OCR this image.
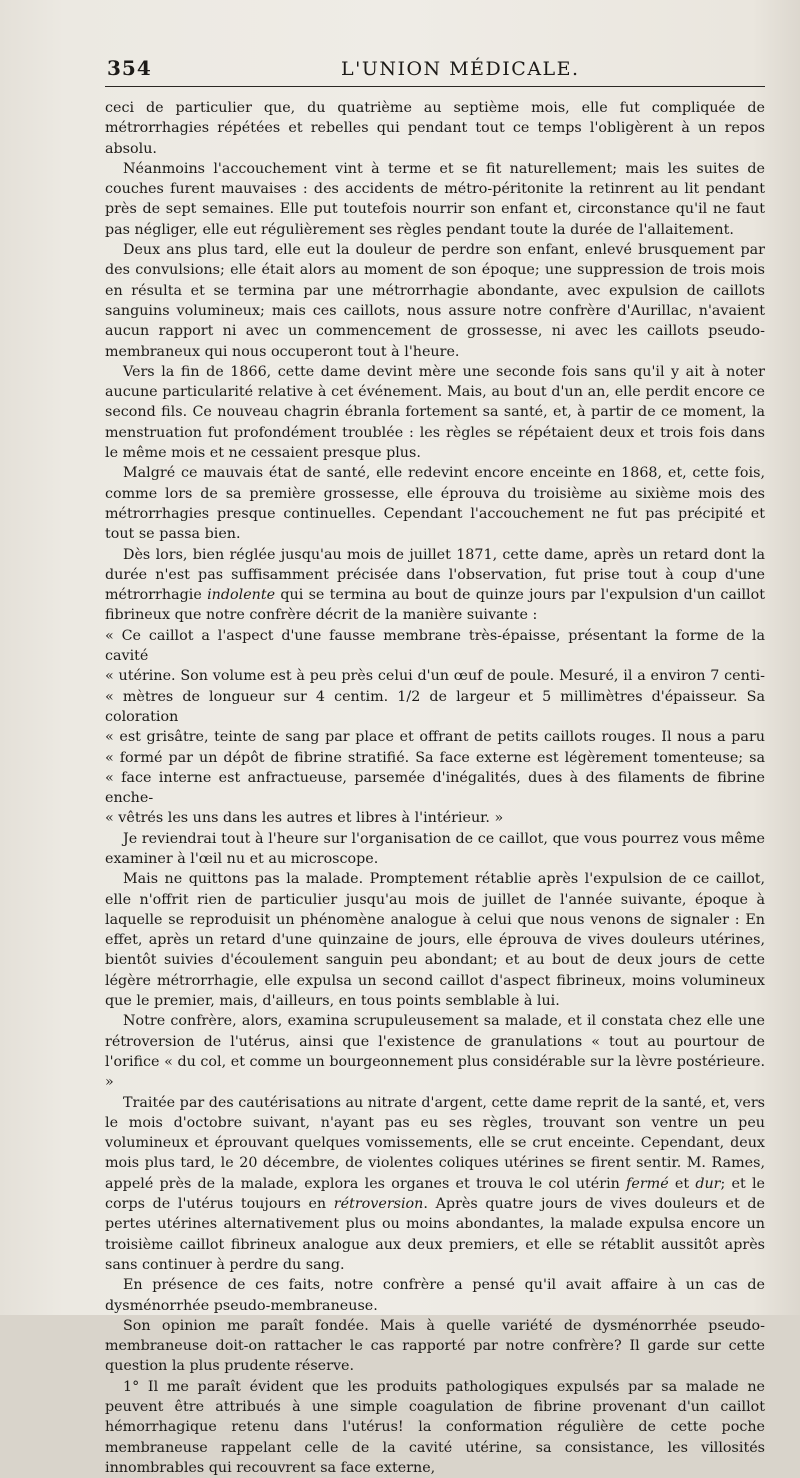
354	L'UNION MÉDICALE.

ceci de particulier que, du quatrième au septième mois, elle fut compliquée de métrorrhagies répétées et rebelles qui pendant tout ce temps l'obligèrent à un repos absolu.

Néanmoins l'accouchement vint à terme et se fit naturellement; mais les suites de couches furent mauvaises : des accidents de métro-péritonite la retinrent au lit pendant près de sept semaines. Elle put toutefois nourrir son enfant et, circonstance qu'il ne faut pas négliger, elle eut régulièrement ses règles pendant toute la durée de l'allaitement.

Deux ans plus tard, elle eut la douleur de perdre son enfant, enlevé brusquement par des convulsions; elle était alors au moment de son époque; une suppression de trois mois en résulta et se termina par une métrorrhagie abondante, avec expulsion de caillots sanguins volumineux; mais ces caillots, nous assure notre confrère d'Aurillac, n'avaient aucun rapport ni avec un commencement de grossesse, ni avec les caillots pseudo-membraneux qui nous occuperont tout à l'heure.

Vers la fin de 1866, cette dame devint mère une seconde fois sans qu'il y ait à noter aucune particularité relative à cet événement. Mais, au bout d'un an, elle perdit encore ce second fils. Ce nouveau chagrin ébranla fortement sa santé, et, à partir de ce moment, la menstruation fut profondément troublée : les règles se répétaient deux et trois fois dans le même mois et ne cessaient presque plus.

Malgré ce mauvais état de santé, elle redevint encore enceinte en 1868, et, cette fois, comme lors de sa première grossesse, elle éprouva du troisième au sixième mois des métrorrhagies presque continuelles. Cependant l'accouchement ne fut pas précipité et tout se passa bien.

Dès lors, bien réglée jusqu'au mois de juillet 1871, cette dame, après un retard dont la durée n'est pas suffisamment précisée dans l'observation, fut prise tout à coup d'une métrorrhagie indolente qui se termina au bout de quinze jours par l'expulsion d'un caillot fibrineux que notre confrère décrit de la manière suivante :

« Ce caillot a l'aspect d'une fausse membrane très-épaisse, présentant la forme de la cavité
« utérine. Son volume est à peu près celui d'un œuf de poule. Mesuré, il a environ 7 centi-
« mètres de longueur sur 4 centim. 1/2 de largeur et 5 millimètres d'épaisseur. Sa coloration
« est grisâtre, teinte de sang par place et offrant de petits caillots rouges. Il nous a paru
« formé par un dépôt de fibrine stratifié. Sa face externe est légèrement tomenteuse; sa
« face interne est anfractueuse, parsemée d'inégalités, dues à des filaments de fibrine enche-
« vêtrés les uns dans les autres et libres à l'intérieur. »

Je reviendrai tout à l'heure sur l'organisation de ce caillot, que vous pourrez vous même examiner à l'œil nu et au microscope.

Mais ne quittons pas la malade. Promptement rétablie après l'expulsion de ce caillot, elle n'offrit rien de particulier jusqu'au mois de juillet de l'année suivante, époque à laquelle se reproduisit un phénomène analogue à celui que nous venons de signaler : En effet, après un retard d'une quinzaine de jours, elle éprouva de vives douleurs utérines, bientôt suivies d'écoulement sanguin peu abondant; et au bout de deux jours de cette légère métrorrhagie, elle expulsa un second caillot d'aspect fibrineux, moins volumineux que le premier, mais, d'ailleurs, en tous points semblable à lui.

Notre confrère, alors, examina scrupuleusement sa malade, et il constata chez elle une rétroversion de l'utérus, ainsi que l'existence de granulations « tout au pourtour de l'orifice « du col, et comme un bourgeonnement plus considérable sur la lèvre postérieure. »

Traitée par des cautérisations au nitrate d'argent, cette dame reprit de la santé, et, vers le mois d'octobre suivant, n'ayant pas eu ses règles, trouvant son ventre un peu volumineux et éprouvant quelques vomissements, elle se crut enceinte. Cependant, deux mois plus tard, le 20 décembre, de violentes coliques utérines se firent sentir. M. Rames, appelé près de la malade, explora les organes et trouva le col utérin fermé et dur; et le corps de l'utérus toujours en rétroversion. Après quatre jours de vives douleurs et de pertes utérines alternativement plus ou moins abondantes, la malade expulsa encore un troisième caillot fibrineux analogue aux deux premiers, et elle se rétablit aussitôt après sans continuer à perdre du sang.

En présence de ces faits, notre confrère a pensé qu'il avait affaire à un cas de dysménorrhée pseudo-membraneuse.

Son opinion me paraît fondée. Mais à quelle variété de dysménorrhée pseudo-membraneuse doit-on rattacher le cas rapporté par notre confrère? Il garde sur cette question la plus prudente réserve.

1° Il me paraît évident que les produits pathologiques expulsés par sa malade ne peuvent être attribués à une simple coagulation de fibrine provenant d'un caillot hémorrhagique retenu dans l'utérus! la conformation régulière de cette poche membraneuse rappelant celle de la cavité utérine, sa consistance, les villosités innombrables qui recouvrent sa face externe,
